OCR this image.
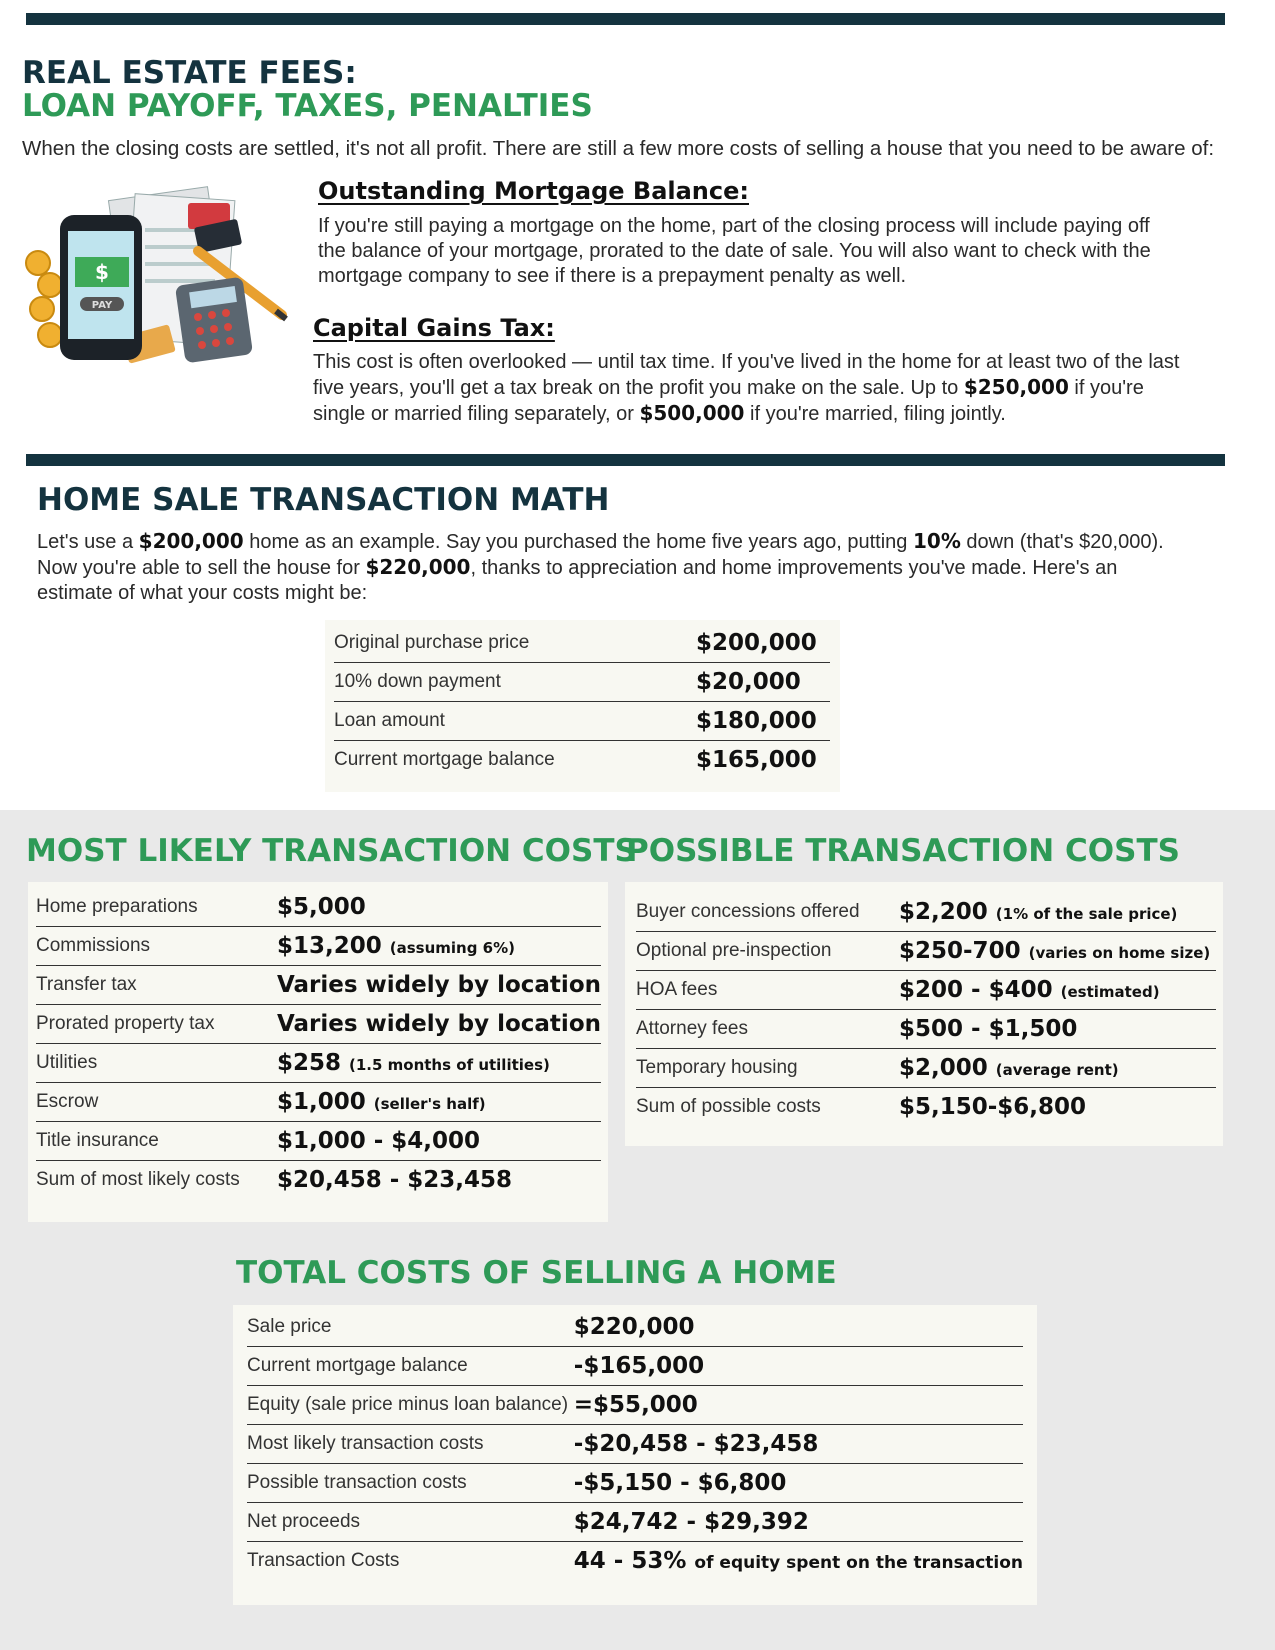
REAL ESTATE FEES:
LOAN PAYOFF, TAXES, PENALTIES

When the closing costs are settled, it's not all profit. There are still a few more costs of selling a house that you need to be aware of:

$
PAY
Outstanding Mortgage Balance:

If you're still paying a mortgage on the home, part of the closing process will include paying off the balance of your mortgage, prorated to the date of sale. You will also want to check with the mortgage company to see if there is a prepayment penalty as well.

Capital Gains Tax:

This cost is often overlooked — until tax time. If you've lived in the home for at least two of the last five years, you'll get a tax break on the profit you make on the sale. Up to $250,000 if you're single or married filing separately, or $500,000 if you're married, filing jointly.

HOME SALE TRANSACTION MATH

Let's use a $200,000 home as an example. Say you purchased the home five years ago, putting 10% down (that's $20,000). Now you're able to sell the house for $220,000, thanks to appreciation and home improvements you've made. Here's an estimate of what your costs might be:

Original purchase price	$200,000
10% down payment	$20,000
Loan amount	$180,000
Current mortgage balance	$165,000
MOST LIKELY TRANSACTION COSTS
Home preparations	$5,000
Commissions	$13,200 (assuming 6%)
Transfer tax	Varies widely by location
Prorated property tax	Varies widely by location
Utilities	$258 (1.5 months of utilities)
Escrow	$1,000 (seller's half)
Title insurance	$1,000 - $4,000
Sum of most likely costs	$20,458 - $23,458
POSSIBLE TRANSACTION COSTS
Buyer concessions offered	$2,200 (1% of the sale price)
Optional pre-inspection	$250-700 (varies on home size)
HOA fees	$200 - $400 (estimated)
Attorney fees	$500 - $1,500
Temporary housing	$2,000 (average rent)
Sum of possible costs	$5,150-$6,800
TOTAL COSTS OF SELLING A HOME
Sale price	$220,000
Current mortgage balance	-$165,000
Equity (sale price minus loan balance)	=$55,000
Most likely transaction costs	-$20,458 - $23,458
Possible transaction costs	-$5,150 - $6,800
Net proceeds	$24,742 - $29,392
Transaction Costs	44 - 53% of equity spent on the transaction
